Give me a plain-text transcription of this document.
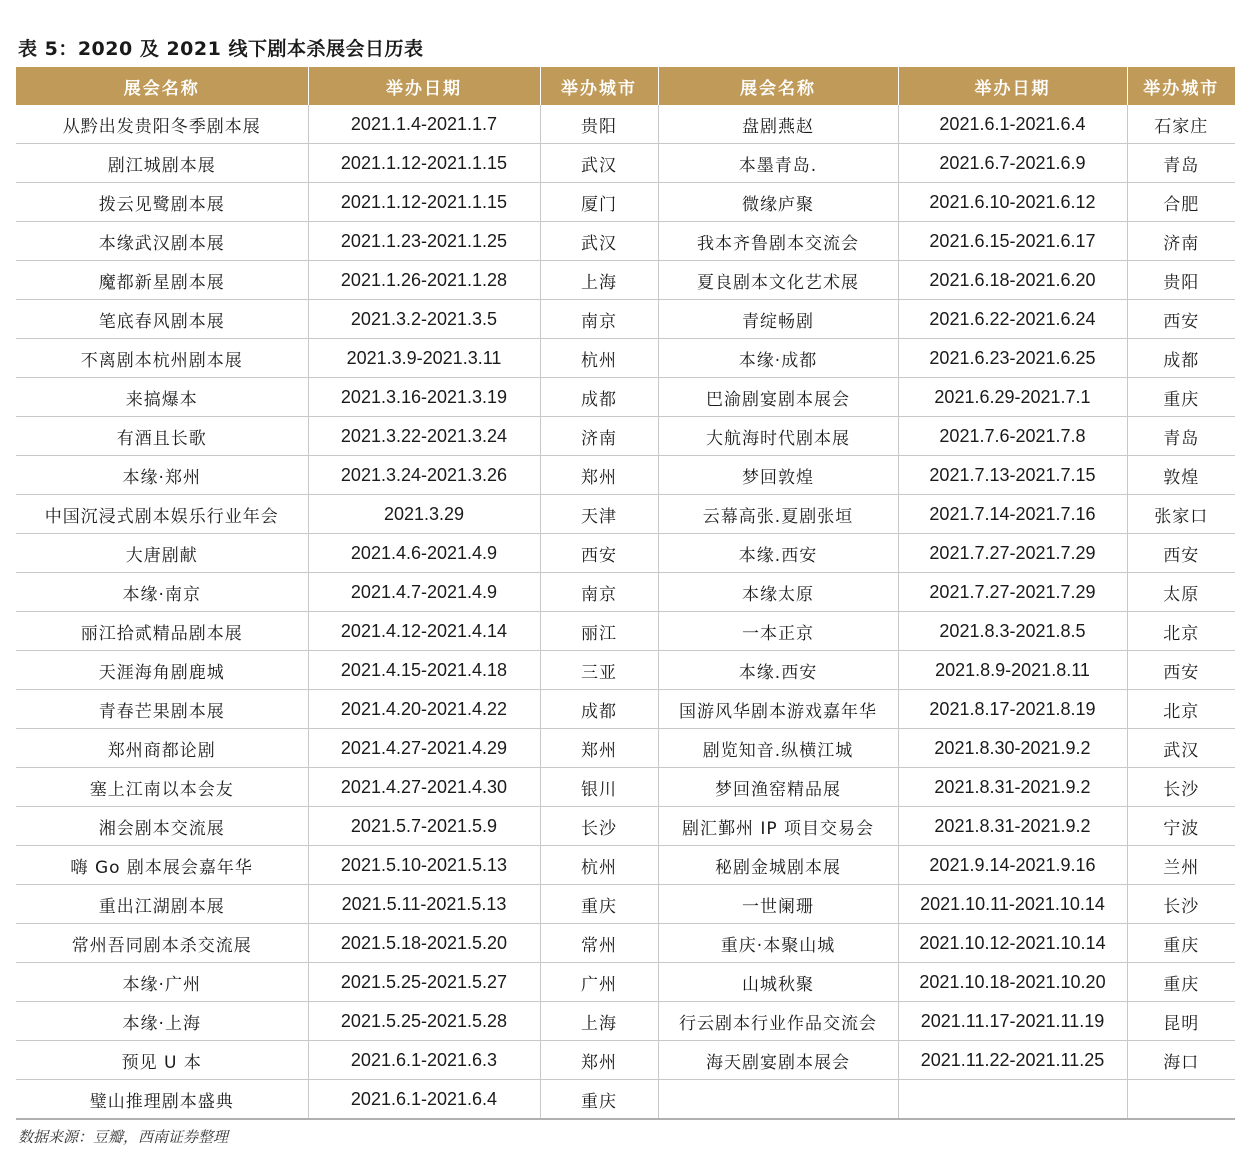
表 5：2020 及 2021 线下剧本杀展会日历表
展会名称	举办日期	举办城市	展会名称	举办日期	举办城市
从黔出发贵阳冬季剧本展	2021.1.4-2021.1.7	贵阳	盘剧燕赵	2021.6.1-2021.6.4	石家庄
剧江城剧本展	2021.1.12-2021.1.15	武汉	本墨青岛.	2021.6.7-2021.6.9	青岛
拨云见鹭剧本展	2021.1.12-2021.1.15	厦门	微缘庐聚	2021.6.10-2021.6.12	合肥
本缘武汉剧本展	2021.1.23-2021.1.25	武汉	我本齐鲁剧本交流会	2021.6.15-2021.6.17	济南
魔都新星剧本展	2021.1.26-2021.1.28	上海	夏良剧本文化艺术展	2021.6.18-2021.6.20	贵阳
笔底春风剧本展	2021.3.2-2021.3.5	南京	青绽畅剧	2021.6.22-2021.6.24	西安
不离剧本杭州剧本展	2021.3.9-2021.3.11	杭州	本缘·成都	2021.6.23-2021.6.25	成都
来搞爆本	2021.3.16-2021.3.19	成都	巴渝剧宴剧本展会	2021.6.29-2021.7.1	重庆
有酒且长歌	2021.3.22-2021.3.24	济南	大航海时代剧本展	2021.7.6-2021.7.8	青岛
本缘·郑州	2021.3.24-2021.3.26	郑州	梦回敦煌	2021.7.13-2021.7.15	敦煌
中国沉浸式剧本娱乐行业年会	2021.3.29	天津	云幕高张.夏剧张垣	2021.7.14-2021.7.16	张家口
大唐剧献	2021.4.6-2021.4.9	西安	本缘.西安	2021.7.27-2021.7.29	西安
本缘·南京	2021.4.7-2021.4.9	南京	本缘太原	2021.7.27-2021.7.29	太原
丽江拾贰精品剧本展	2021.4.12-2021.4.14	丽江	一本正京	2021.8.3-2021.8.5	北京
天涯海角剧鹿城	2021.4.15-2021.4.18	三亚	本缘.西安	2021.8.9-2021.8.11	西安
青春芒果剧本展	2021.4.20-2021.4.22	成都	国游风华剧本游戏嘉年华	2021.8.17-2021.8.19	北京
郑州商都论剧	2021.4.27-2021.4.29	郑州	剧览知音.纵横江城	2021.8.30-2021.9.2	武汉
塞上江南以本会友	2021.4.27-2021.4.30	银川	梦回渔窑精品展	2021.8.31-2021.9.2	长沙
湘会剧本交流展	2021.5.7-2021.5.9	长沙	剧汇鄞州 IP 项目交易会	2021.8.31-2021.9.2	宁波
嗨 Go 剧本展会嘉年华	2021.5.10-2021.5.13	杭州	秘剧金城剧本展	2021.9.14-2021.9.16	兰州
重出江湖剧本展	2021.5.11-2021.5.13	重庆	一世阑珊	2021.10.11-2021.10.14	长沙
常州吾同剧本杀交流展	2021.5.18-2021.5.20	常州	重庆·本聚山城	2021.10.12-2021.10.14	重庆
本缘·广州	2021.5.25-2021.5.27	广州	山城秋聚	2021.10.18-2021.10.20	重庆
本缘·上海	2021.5.25-2021.5.28	上海	行云剧本行业作品交流会	2021.11.17-2021.11.19	昆明
预见 U 本	2021.6.1-2021.6.3	郑州	海天剧宴剧本展会	2021.11.22-2021.11.25	海口
璧山推理剧本盛典	2021.6.1-2021.6.4	重庆			
数据来源：豆瓣，西南证券整理
